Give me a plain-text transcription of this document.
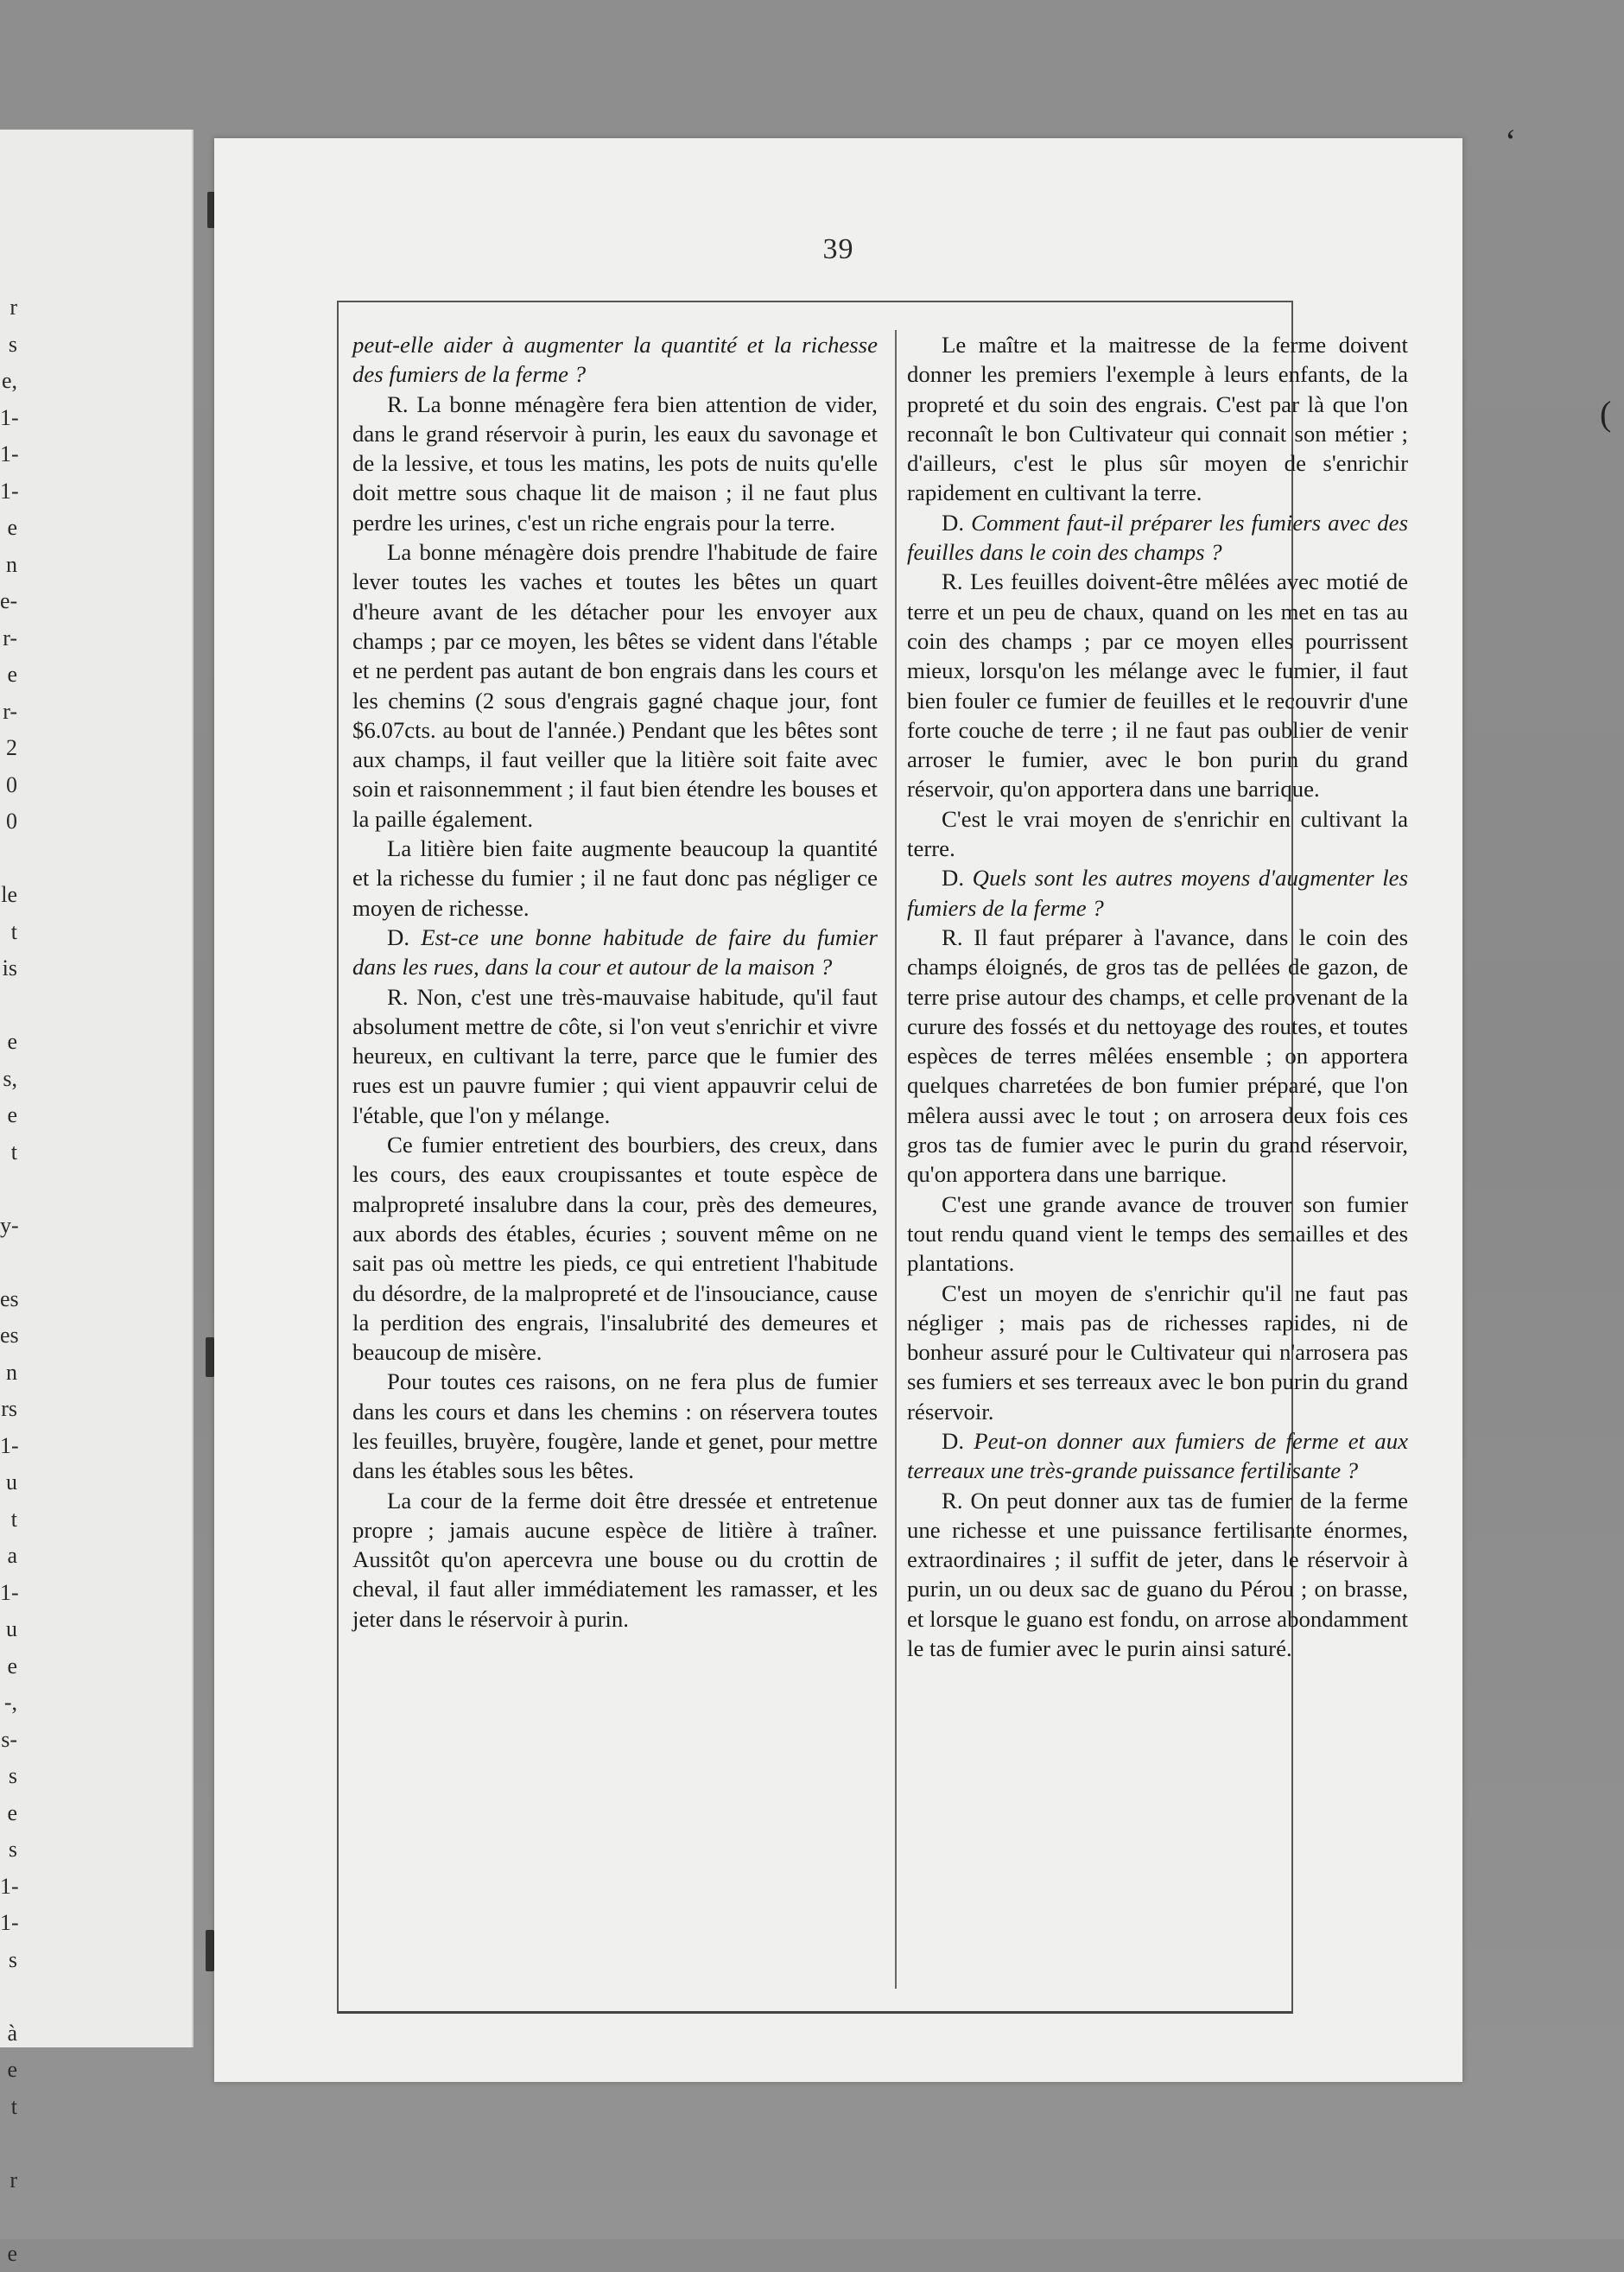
r
s
e,
1-
1-
1-
e
n
e-
r-
e
r-
2
0
0

le
t
is

e
s,
e
t

y-

es
es
n
rs
1-
u
t
a
1-
u
e
-,
s-
s
e
s
1-
1-
s

à
e
t

r

e
39

peut-elle aider à augmenter la quantité et la richesse des fumiers de la ferme ?

R. La bonne ménagère fera bien attention de vider, dans le grand réservoir à purin, les eaux du savonage et de la lessive, et tous les matins, les pots de nuits qu'elle doit mettre sous chaque lit de maison ; il ne faut plus perdre les urines, c'est un riche engrais pour la terre.

La bonne ménagère dois prendre l'habitude de faire lever toutes les vaches et toutes les bêtes un quart d'heure avant de les détacher pour les envoyer aux champs ; par ce moyen, les bêtes se vident dans l'étable et ne perdent pas autant de bon engrais dans les cours et les chemins (2 sous d'engrais gagné chaque jour, font $6.07cts. au bout de l'année.) Pendant que les bêtes sont aux champs, il faut veiller que la litière soit faite avec soin et raisonnemment ; il faut bien étendre les bouses et la paille également.

La litière bien faite augmente beaucoup la quantité et la richesse du fumier ; il ne faut donc pas négliger ce moyen de richesse.

D. Est-ce une bonne habitude de faire du fumier dans les rues, dans la cour et autour de la maison ?

R. Non, c'est une très-mauvaise habitude, qu'il faut absolument mettre de côte, si l'on veut s'enrichir et vivre heureux, en cultivant la terre, parce que le fumier des rues est un pauvre fumier ; qui vient appauvrir celui de l'étable, que l'on y mélange.

Ce fumier entretient des bourbiers, des creux, dans les cours, des eaux croupissantes et toute espèce de malpropreté insalubre dans la cour, près des demeures, aux abords des étables, écuries ; souvent même on ne sait pas où mettre les pieds, ce qui entretient l'habitude du désordre, de la malpropreté et de l'insouciance, cause la perdition des engrais, l'insalubrité des demeures et beaucoup de misère.

Pour toutes ces raisons, on ne fera plus de fumier dans les cours et dans les chemins : on réservera toutes les feuilles, bruyère, fougère, lande et genet, pour mettre dans les étables sous les bêtes.

La cour de la ferme doit être dressée et entretenue propre ; jamais aucune espèce de litière à traîner. Aussitôt qu'on apercevra une bouse ou du crottin de cheval, il faut aller immédiatement les ramasser, et les jeter dans le réservoir à purin.

Le maître et la maitresse de la ferme doivent donner les premiers l'exemple à leurs enfants, de la propreté et du soin des engrais. C'est par là que l'on reconnaît le bon Cultivateur qui connait son métier ; d'ailleurs, c'est le plus sûr moyen de s'enrichir rapidement en cultivant la terre.

D. Comment faut-il préparer les fumiers avec des feuilles dans le coin des champs ?

R. Les feuilles doivent-être mêlées avec motié de terre et un peu de chaux, quand on les met en tas au coin des champs ; par ce moyen elles pourrissent mieux, lorsqu'on les mélange avec le fumier, il faut bien fouler ce fumier de feuilles et le recouvrir d'une forte couche de terre ; il ne faut pas oublier de venir arroser le fumier, avec le bon purin du grand réservoir, qu'on apportera dans une barrique.

C'est le vrai moyen de s'enrichir en cultivant la terre.

D. Quels sont les autres moyens d'augmenter les fumiers de la ferme ?

R. Il faut préparer à l'avance, dans le coin des champs éloignés, de gros tas de pellées de gazon, de terre prise autour des champs, et celle provenant de la curure des fossés et du nettoyage des routes, et toutes espèces de terres mêlées ensemble ; on apportera quelques charretées de bon fumier préparé, que l'on mêlera aussi avec le tout ; on arrosera deux fois ces gros tas de fumier avec le purin du grand réservoir, qu'on apportera dans une barrique.

C'est une grande avance de trouver son fumier tout rendu quand vient le temps des semailles et des plantations.

C'est un moyen de s'enrichir qu'il ne faut pas négliger ; mais pas de richesses rapides, ni de bonheur assuré pour le Cultivateur qui n'arrosera pas ses fumiers et ses terreaux avec le bon purin du grand réservoir.

D. Peut-on donner aux fumiers de ferme et aux terreaux une très-grande puissance fertilisante ?

R. On peut donner aux tas de fumier de la ferme une richesse et une puissance fertilisante énormes, extraordinaires ; il suffit de jeter, dans le réservoir à purin, un ou deux sac de guano du Pérou ; on brasse, et lorsque le guano est fondu, on arrose abondamment le tas de fumier avec le purin ainsi saturé.

‘
(
